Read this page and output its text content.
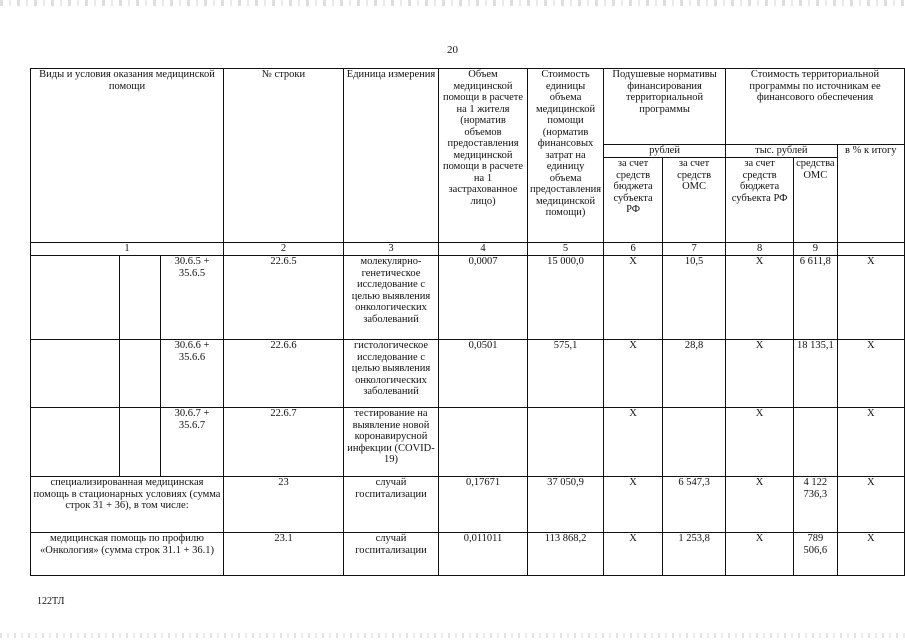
20
Виды и условия оказания медицинской помощи			№ строки	Единица измерения	Объем медицинской помощи в расчете на 1 жителя (норматив объемов предоставления медицинской помощи в расчете на 1 застрахованное лицо)	Стоимость единицы объема медицинской помощи (норматив финансовых затрат на единицу объема предоставления медицинской помощи)	Подушевые нормативы финансирования территориальной программы		Стоимость территориальной программы по источникам ее финансового обеспечения		
							рублей		тыс. рублей		в % к итогу
							за счет средств бюджета субъекта РФ	за счет средств ОМС	за счет средств бюджета субъекта РФ	средства ОМС	
1			2	3	4	5	6	7	8	9	
		30.6.5 + 35.6.5	22.6.5	молекулярно-генетическое исследование с целью выявления онкологических заболеваний	0,0007	15 000,0	X	10,5	X	6 611,8	X
		30.6.6 + 35.6.6	22.6.6	гистологическое исследование с целью выявления онкологических заболеваний	0,0501	575,1	X	28,8	X	18 135,1	X
		30.6.7 + 35.6.7	22.6.7	тестирование на выявление новой коронавирусной инфекции (COVID-19)			X		X		X
специализированная медицинская помощь в стационарных условиях (сумма строк 31 + 36), в том числе:			23	случай госпитализации	0,17671	37 050,9	X	6 547,3	X	4 122 736,3	X
медицинская помощь по профилю «Онкология» (сумма строк 31.1 + 36.1)			23.1	случай госпитализации	0,011011	113 868,2	X	1 253,8	X	789 506,6	X
122ТЛ
